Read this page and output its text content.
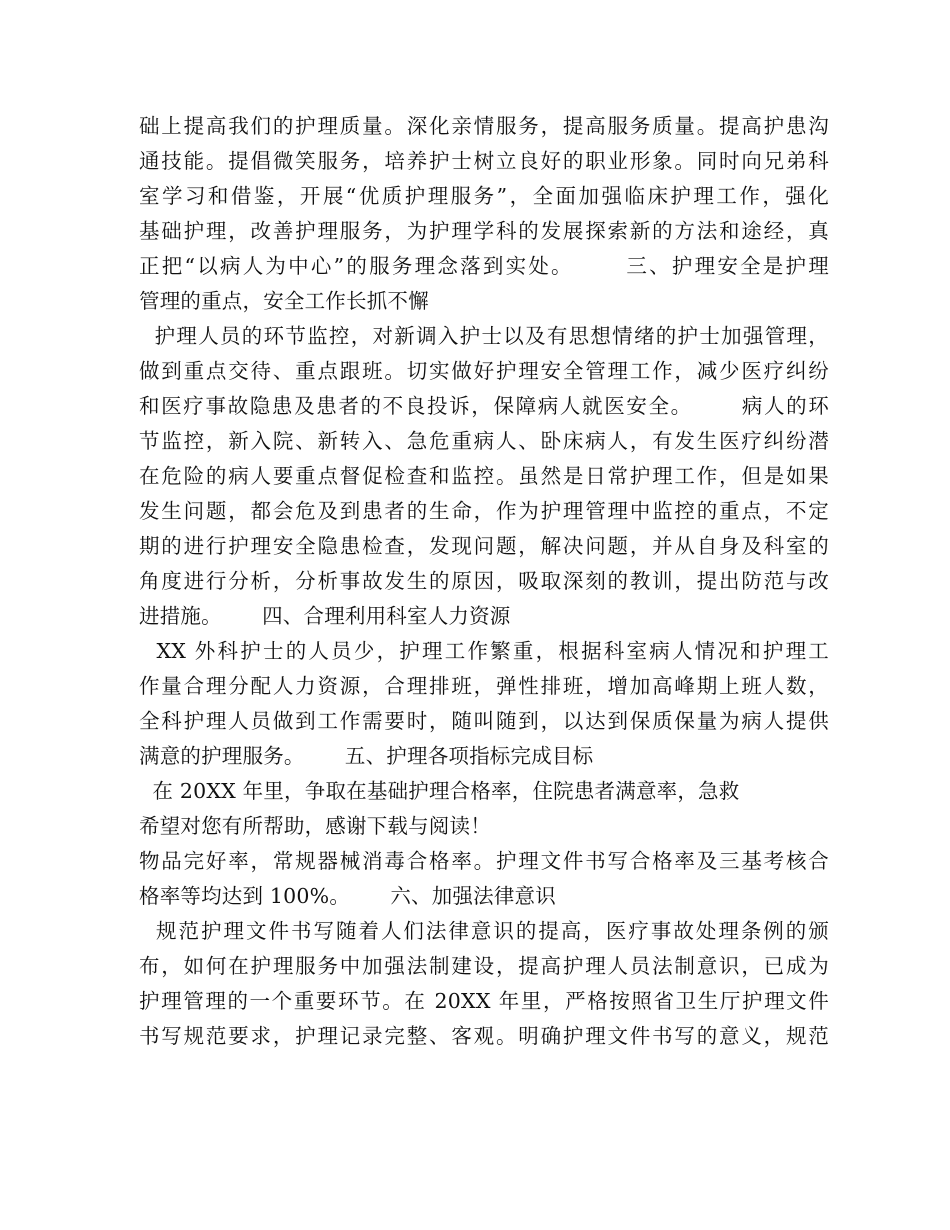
础上提高我们的护理质量。深化亲情服务，提高服务质量。提高护患沟
通技能。提倡微笑服务，培养护士树立良好的职业形象。同时向兄弟科
室学习和借鉴，开展“优质护理服务”，全面加强临床护理工作，强化
基础护理，改善护理服务，为护理学科的发展探索新的方法和途经，真
正把“以病人为中心”的服务理念落到实处。      三、护理安全是护理
管理的重点，安全工作长抓不懈
护理人员的环节监控，对新调入护士以及有思想情绪的护士加强管理，
做到重点交待、重点跟班。切实做好护理安全管理工作，减少医疗纠纷
和医疗事故隐患及患者的不良投诉，保障病人就医安全。      病人的环
节监控，新入院、新转入、急危重病人、卧床病人，有发生医疗纠纷潜
在危险的病人要重点督促检查和监控。虽然是日常护理工作，但是如果
发生问题，都会危及到患者的生命，作为护理管理中监控的重点，不定
期的进行护理安全隐患检查，发现问题，解决问题，并从自身及科室的
角度进行分析，分析事故发生的原因，吸取深刻的教训，提出防范与改
进措施。      四、合理利用科室人力资源
XX 外科护士的人员少，护理工作繁重，根据科室病人情况和护理工
作量合理分配人力资源，合理排班，弹性排班，增加高峰期上班人数，
全科护理人员做到工作需要时，随叫随到，以达到保质保量为病人提供
满意的护理服务。      五、护理各项指标完成目标
在 20XX 年里，争取在基础护理合格率，住院患者满意率，急救
希望对您有所帮助，感谢下载与阅读！
物品完好率，常规器械消毒合格率。护理文件书写合格率及三基考核合
格率等均达到 100%。      六、加强法律意识
规范护理文件书写随着人们法律意识的提高，医疗事故处理条例的颁
布，如何在护理服务中加强法制建设，提高护理人员法制意识，已成为
护理管理的一个重要环节。在 20XX 年里，严格按照省卫生厅护理文件
书写规范要求，护理记录完整、客观。明确护理文件书写的意义，规范
